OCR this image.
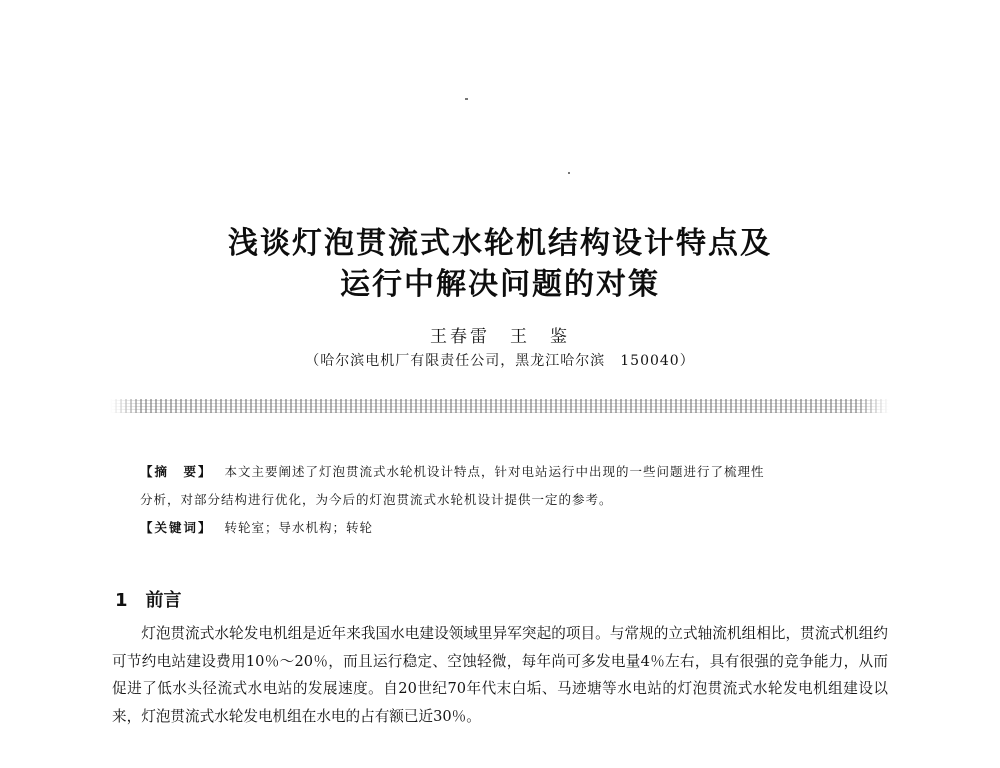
浅谈灯泡贯流式水轮机结构设计特点及
运行中解决问题的对策
王春雷　王　鉴
（哈尔滨电机厂有限责任公司，黑龙江哈尔滨　150040）
【摘　要】 本文主要阐述了灯泡贯流式水轮机设计特点，针对电站运行中出现的一些问题进行了梳理性
分析，对部分结构进行优化，为今后的灯泡贯流式水轮机设计提供一定的参考。
【关键词】 转轮室；导水机构；转轮
1 前言

灯泡贯流式水轮发电机组是近年来我国水电建设领域里异军突起的项目。与常规的立式轴流机组相比，贯流式机组约可节约电站建设费用10％～20％，而且运行稳定、空蚀轻微，每年尚可多发电量4％左右，具有很强的竞争能力，从而促进了低水头径流式水电站的发展速度。自20世纪70年代末白垢、马迹塘等水电站的灯泡贯流式水轮发电机组建设以来，灯泡贯流式水轮发电机组在水电的占有额已近30％。
